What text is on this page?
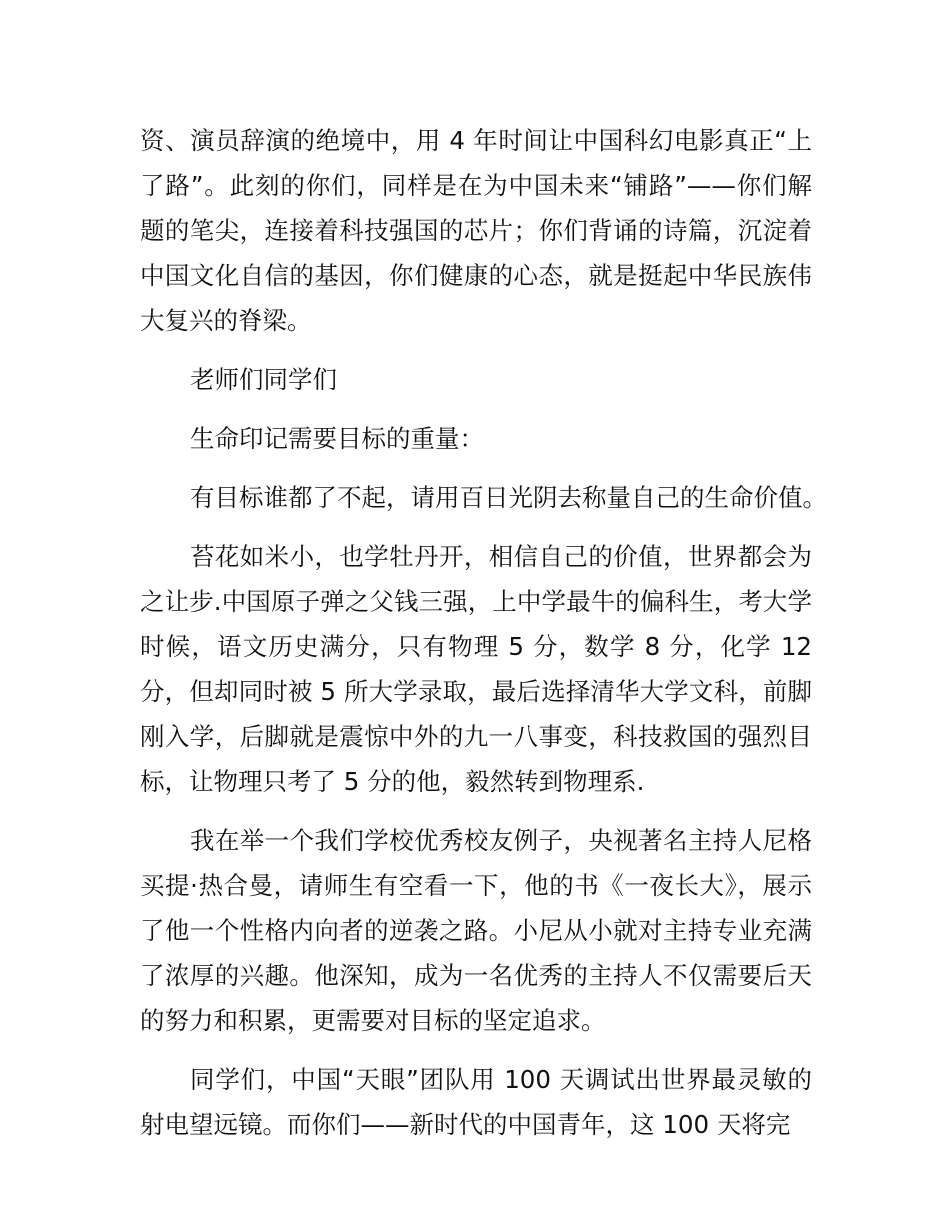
资、演员辞演的绝境中，用 4 年时间让中国科幻电影真正“上了路”。此刻的你们，同样是在为中国未来“铺路”——你们解题的笔尖，连接着科技强国的芯片；你们背诵的诗篇，沉淀着中国文化自信的基因，你们健康的心态，就是挺起中华民族伟大复兴的脊梁。

老师们同学们

生命印记需要目标的重量：

有目标谁都了不起，请用百日光阴去称量自己的生命价值。

苔花如米小，也学牡丹开，相信自己的价值，世界都会为之让步.中国原子弹之父钱三强，上中学最牛的偏科生，考大学时候，语文历史满分，只有物理 5 分，数学 8 分，化学 12 分，但却同时被 5 所大学录取，最后选择清华大学文科，前脚刚入学，后脚就是震惊中外的九一八事变，科技救国的强烈目标，让物理只考了 5 分的他，毅然转到物理系.

我在举一个我们学校优秀校友例子，央视著名主持人尼格买提·热合曼，请师生有空看一下，他的书《一夜长大》，展示了他一个性格内向者的逆袭之路。小尼从小就对主持专业充满了浓厚的兴趣。他深知，成为一名优秀的主持人不仅需要后天的努力和积累，更需要对目标的坚定追求。

同学们，中国“天眼”团队用 100 天调试出世界最灵敏的射电望远镜。而你们——新时代的中国青年，这 100 天将完
